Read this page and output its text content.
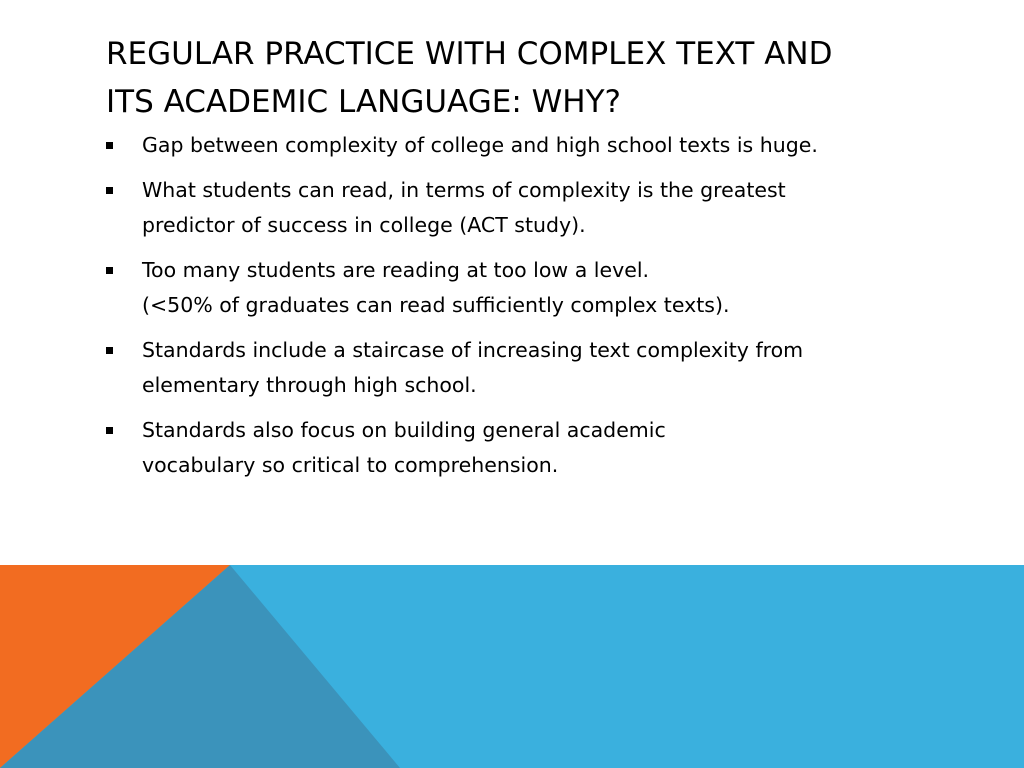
REGULAR PRACTICE WITH COMPLEX TEXT AND
ITS ACADEMIC LANGUAGE: WHY?
Gap between complexity of college and high school texts is huge.
What students can read, in terms of complexity is the greatest
predictor of success in college (ACT study).
Too many students are reading at too low a level.
(<50% of graduates can read sufficiently complex texts).
Standards include a staircase of increasing text complexity from
elementary through high school.
Standards also focus on building general academic
vocabulary so critical to comprehension.
